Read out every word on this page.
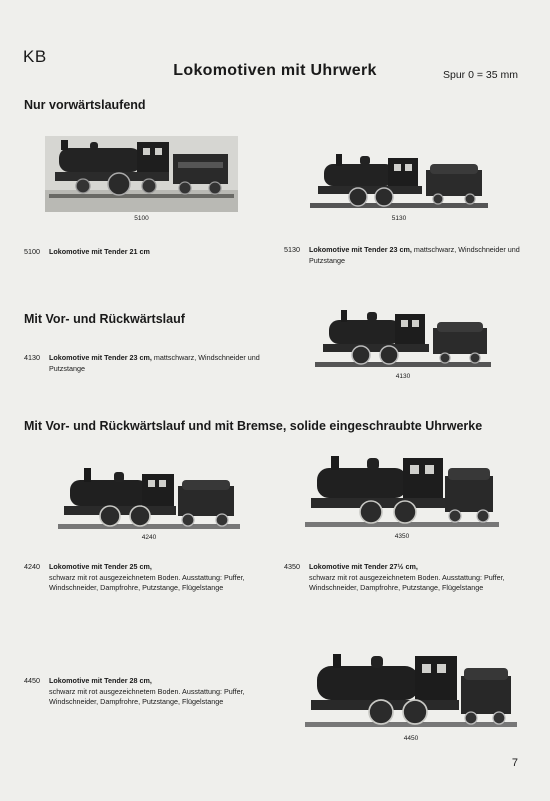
KB
Lokomotiven mit Uhrwerk	Spur 0 = 35 mm
Nur vorwärtslaufend
5100	5130
5100 Lokomotive mit Tender 21 cm	5130 Lokomotive mit Tender 23 cm, mattschwarz, Windschneider und Putzstange
Mit Vor- und Rückwärtslauf
4130 Lokomotive mit Tender 23 cm, mattschwarz, Windschneider und Putzstange
4130
Mit Vor- und Rückwärtslauf und mit Bremse, solide eingeschraubte Uhrwerke
4240	4350
4240 Lokomotive mit Tender 25 cm,
schwarz mit rot ausgezeichnetem Boden. Ausstattung: Puffer, Windschneider, Dampfrohre, Putzstange, Flügelstange
4350 Lokomotive mit Tender 27½ cm,
schwarz mit rot ausgezeichnetem Boden. Ausstattung: Puffer, Windschneider, Dampfrohre, Putzstange, Flügelstange
4450 Lokomotive mit Tender 28 cm,
schwarz mit rot ausgezeichnetem Boden. Ausstattung: Puffer, Windschneider, Dampfrohre, Putzstange, Flügelstange
4450
7
